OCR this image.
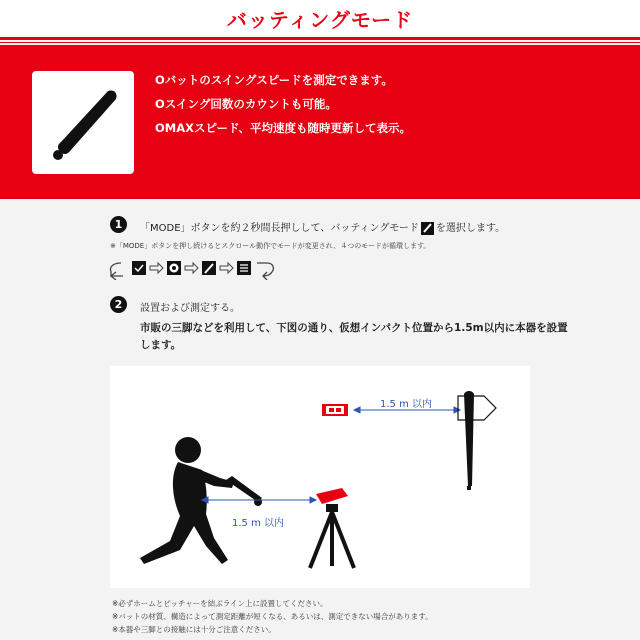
バッティングモード
Oバットのスイングスピードを測定できます。
Oスイング回数のカウントも可能。
OMAXスピード、平均速度も随時更新して表示。
1	「MODE」ボタンを約２秒間長押しして、バッティングモード を選択します。
※「MODE」ボタンを押し続けるとスクロール動作でモードが変更され、４つのモードが循環します。
2	設置および測定する。
市販の三脚などを利用して、下図の通り、仮想インパクト位置から1.5m以内に本器を設置
します。
1.5 m 以内
1.5 m 以内
※必ずホームとピッチャーを結ぶライン上に設置してください。
※バットの材質、構造によって測定距離が短くなる、あるいは、測定できない場合があります。
※本器や三脚との接触には十分ご注意ください。
